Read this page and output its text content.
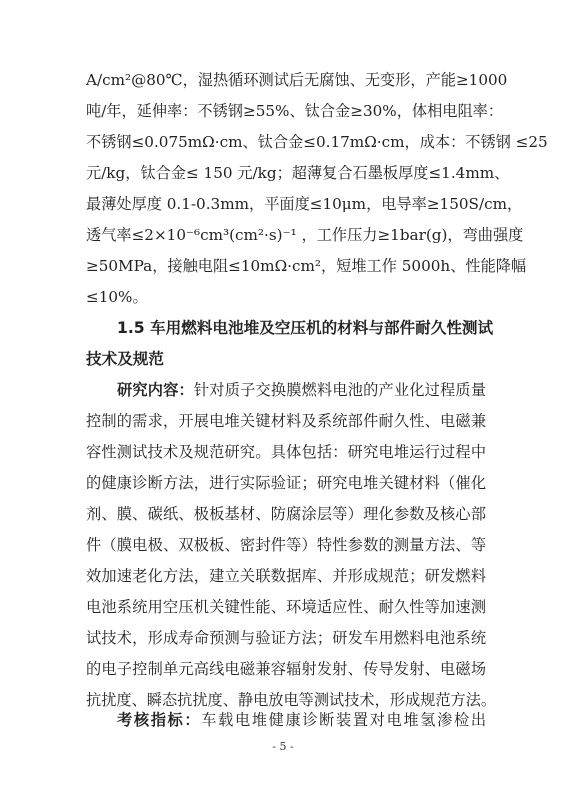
A/cm²@80℃，湿热循环测试后无腐蚀、无变形，产能≥1000
吨/年，延伸率：不锈钢≥55%、钛合金≥30%，体相电阻率：
不锈钢≤0.075mΩ·cm、钛合金≤0.17mΩ·cm，成本：不锈钢 ≤25
元/kg，钛合金≤ 150 元/kg；超薄复合石墨板厚度≤1.4mm、
最薄处厚度 0.1-0.3mm，平面度≤10μm，电导率≥150S/cm，
透气率≤2×10⁻⁶cm³(cm²·s)⁻¹ ，工作压力≥1bar(g)，弯曲强度
≥50MPa，接触电阻≤10mΩ·cm²，短堆工作 5000h、性能降幅
≤10%。
1.5 车用燃料电池堆及空压机的材料与部件耐久性测试
技术及规范
研究内容：针对质子交换膜燃料电池的产业化过程质量
控制的需求，开展电堆关键材料及系统部件耐久性、电磁兼
容性测试技术及规范研究。具体包括：研究电堆运行过程中
的健康诊断方法，进行实际验证；研究电堆关键材料（催化
剂、膜、碳纸、极板基材、防腐涂层等）理化参数及核心部
件（膜电极、双极板、密封件等）特性参数的测量方法、等
效加速老化方法，建立关联数据库、并形成规范；研发燃料
电池系统用空压机关键性能、环境适应性、耐久性等加速测
试技术，形成寿命预测与验证方法；研发车用燃料电池系统
的电子控制单元高线电磁兼容辐射发射、传导发射、电磁场
抗扰度、瞬态抗扰度、静电放电等测试技术，形成规范方法。
考核指标：车载电堆健康诊断装置对电堆氢渗检出
- 5 -
